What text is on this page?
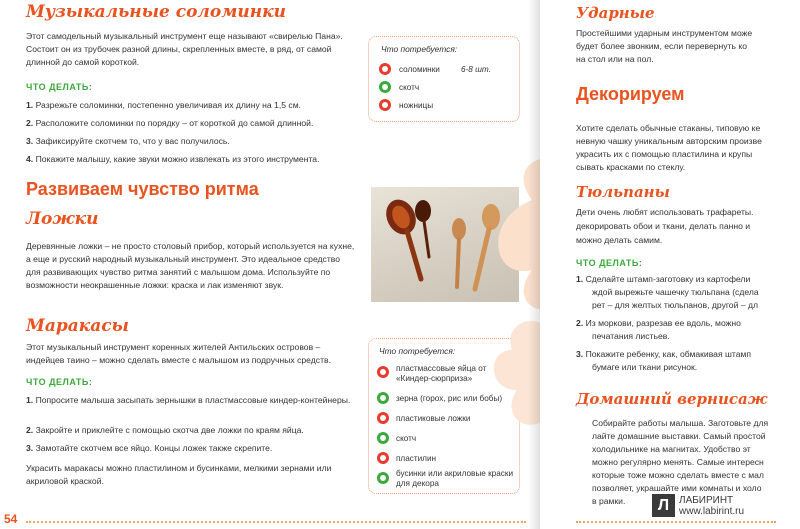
Музыкальные соломинки
Этот самодельный музыкальный инструмент еще называют «свирелью Пана». Состоит он из трубочек разной длины, скрепленных вместе, в ряд, от самой длинной до самой короткой.
ЧТО ДЕЛАТЬ:
1. Разрежьте соломинки, постепенно увеличивая их длину на 1,5 см.
2. Расположите соломинки по порядку – от короткой до самой длинной.
3. Зафиксируйте скотчем то, что у вас получилось.
4. Покажите малышу, какие звуки можно извлекать из этого инструмента.
Что потребуется:
соломинки	6-8 шт.
скотч
ножницы
Развиваем чувство ритма
Ложки
Деревянные ложки – не просто столовый прибор, который используется на кухне, а еще и русский народный музыкальный инструмент. Это идеальное средство для развивающих чувство ритма занятий с малышом дома. Используйте по возможности неокрашенные ложки: краска и лак изменяют звук.
Маракасы
Этот музыкальный инструмент коренных жителей Антильских островов – индейцев таино – можно сделать вместе с малышом из подручных средств.
ЧТО ДЕЛАТЬ:
1. Попросите малыша засыпать зернышки в пластмассовые киндер-контейнеры.
2. Закройте и приклейте с помощью скотча две ложки по краям яйца.
3. Замотайте скотчем все яйцо. Концы ложек также скрепите.
Украсить маракасы можно пластилином и бусинками, мелкими зернами или акриловой краской.
Что потребуется:
пластмассовые яйца от «Киндер-сюрприза»
зерна (горох, рис или бобы)
пластиковые ложки
скотч
пластилин
бусинки или акриловые краски для декора
54
Ударные
Простейшими ударным инструментом може
будет более звонким, если перевернуть ко
на стол или на пол.
Декорируем
Хотите сделать обычные стаканы, типовую ке
невную чашку уникальным авторским произве
украсить их с помощью пластилина и крупы
сывать красками по стеклу.
Тюльпаны
Дети очень любят использовать трафареты.
декорировать обои и ткани, делать панно и
можно делать самим.
ЧТО ДЕЛАТЬ:
1. Сделайте штамп-заготовку из картофели
ждой вырежьте чашечку тюльпана (сдела
рет – для желтых тюльпанов, другой – дл
2. Из моркови, разрезав ее вдоль, можно
печатания листьев.
3. Покажите ребенку, как, обмакивая штамп
бумаге или ткани рисунок.
Домашний вернисаж
Собирайте работы малыша. Заготовьте для
лайте домашние выставки. Самый простой
холодильнике на магнитах. Удобство эт
можно регулярно менять. Самые интересн
которые тоже можно сделать вместе с мал
позволяет, украшайте ими комнаты и холо
в рамки.	Л ЛАБИРИНТ
www.labirint.ru
